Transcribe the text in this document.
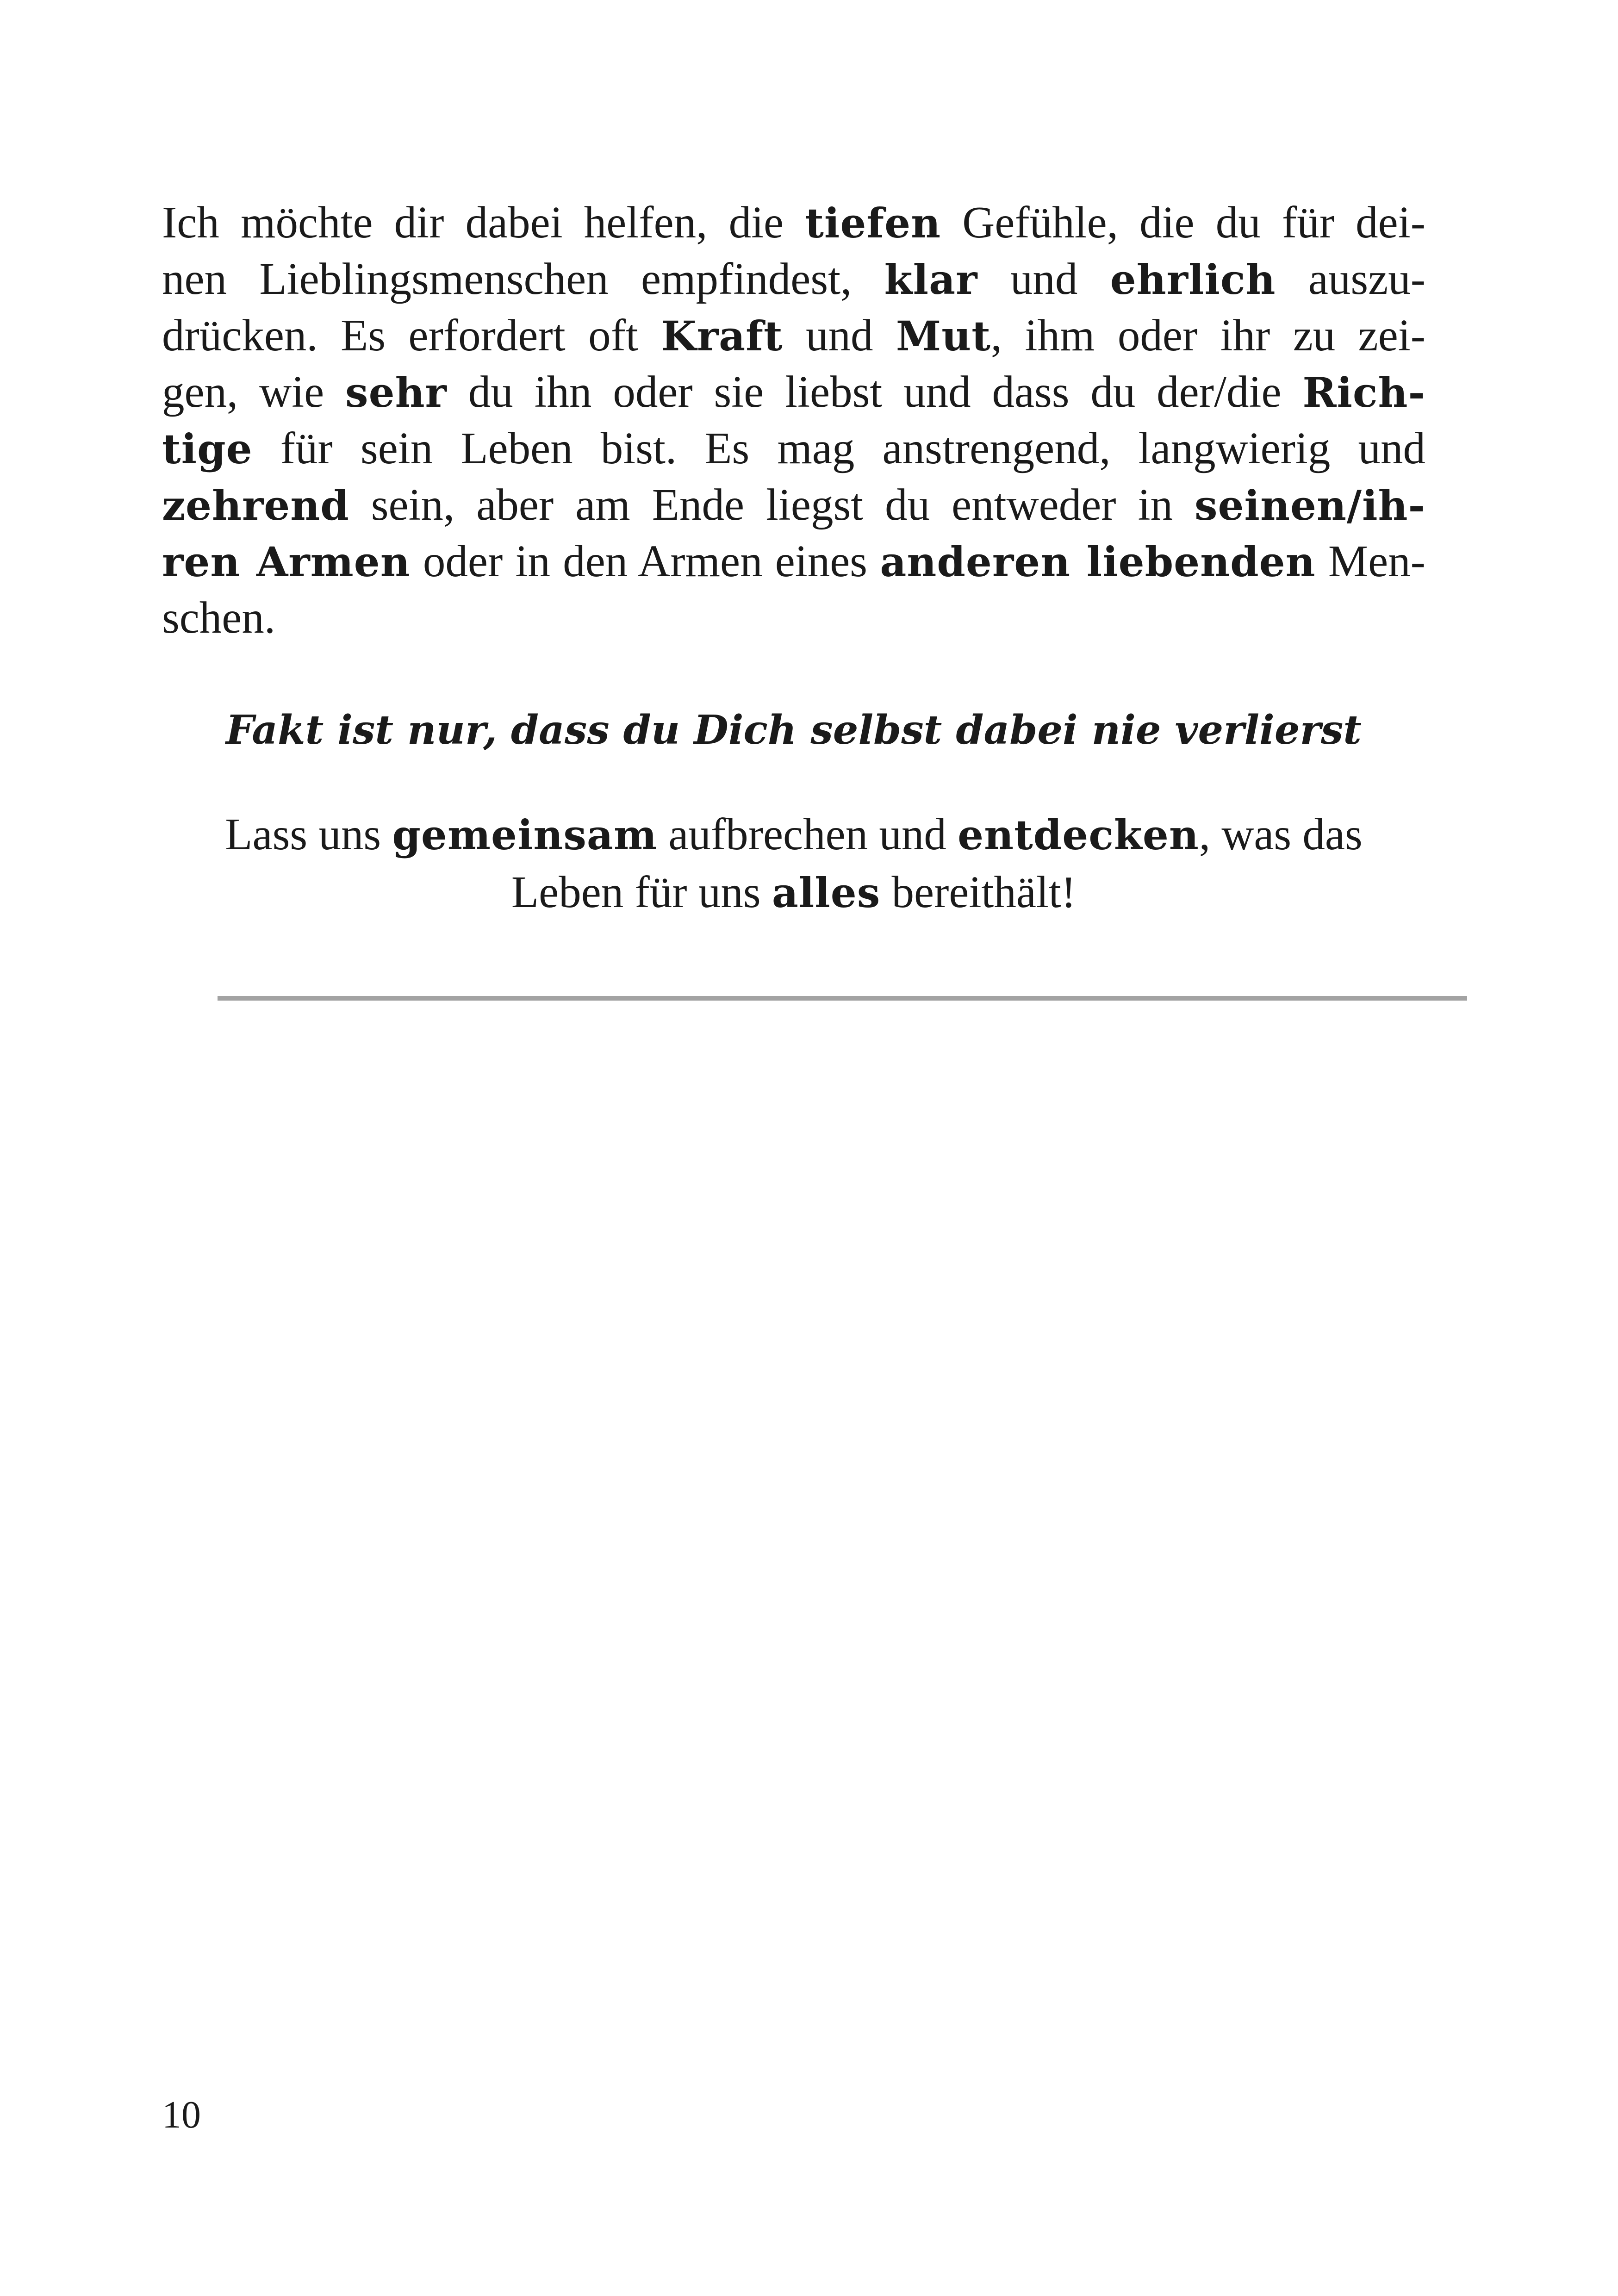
Ich möchte dir dabei helfen, die tiefen Gefühle, die du für dei-
nen Lieblingsmenschen empfindest, klar und ehrlich auszu-
drücken. Es erfordert oft Kraft und Mut, ihm oder ihr zu zei-
gen, wie sehr du ihn oder sie liebst und dass du der/die Rich-
tige für sein Leben bist. Es mag anstrengend, langwierig und
zehrend sein, aber am Ende liegst du entweder in seinen/ih-
ren Armen oder in den Armen eines anderen liebenden Men-
schen.
Fakt ist nur, dass du Dich selbst dabei nie verlierst
Lass uns gemeinsam aufbrechen und entdecken, was das
Leben für uns alles bereithält!
10
